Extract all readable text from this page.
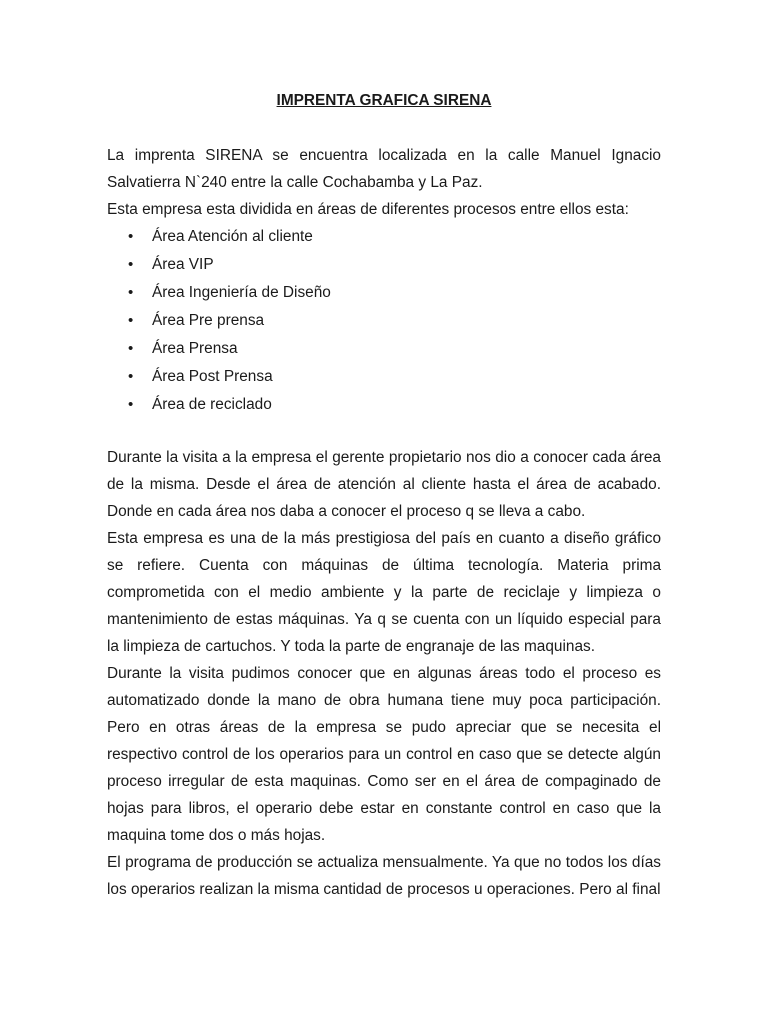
IMPRENTA GRAFICA SIRENA

La imprenta SIRENA se encuentra localizada en la calle Manuel Ignacio Salvatierra N`240 entre la calle Cochabamba y La Paz.

Esta empresa esta dividida en áreas de diferentes procesos entre ellos esta:

• Área Atención al cliente
• Área VIP
• Área Ingeniería de Diseño
• Área Pre prensa
• Área Prensa
• Área Post Prensa
• Área de reciclado

Durante la visita a la empresa el gerente propietario nos dio a conocer cada área de la misma. Desde el área de atención al cliente hasta el área de acabado. Donde en cada área nos daba a conocer el proceso q se lleva a cabo.

Esta empresa es una de la más prestigiosa del país en cuanto a diseño gráfico se refiere. Cuenta con máquinas de última tecnología. Materia prima comprometida con el medio ambiente y la parte de reciclaje y limpieza o mantenimiento de estas máquinas. Ya q se cuenta con un líquido especial para la limpieza de cartuchos. Y toda la parte de engranaje de las maquinas.

Durante la visita pudimos conocer que en algunas áreas todo el proceso es automatizado donde la mano de obra humana tiene muy poca participación. Pero en otras áreas de la empresa se pudo apreciar que se necesita el respectivo control de los operarios para un control en caso que se detecte algún proceso irregular de esta maquinas. Como ser en el área de compaginado de hojas para libros, el operario debe estar en constante control en caso que la maquina tome dos o más hojas.

El programa de producción se actualiza mensualmente. Ya que no todos los días los operarios realizan la misma cantidad de procesos u operaciones. Pero al final
